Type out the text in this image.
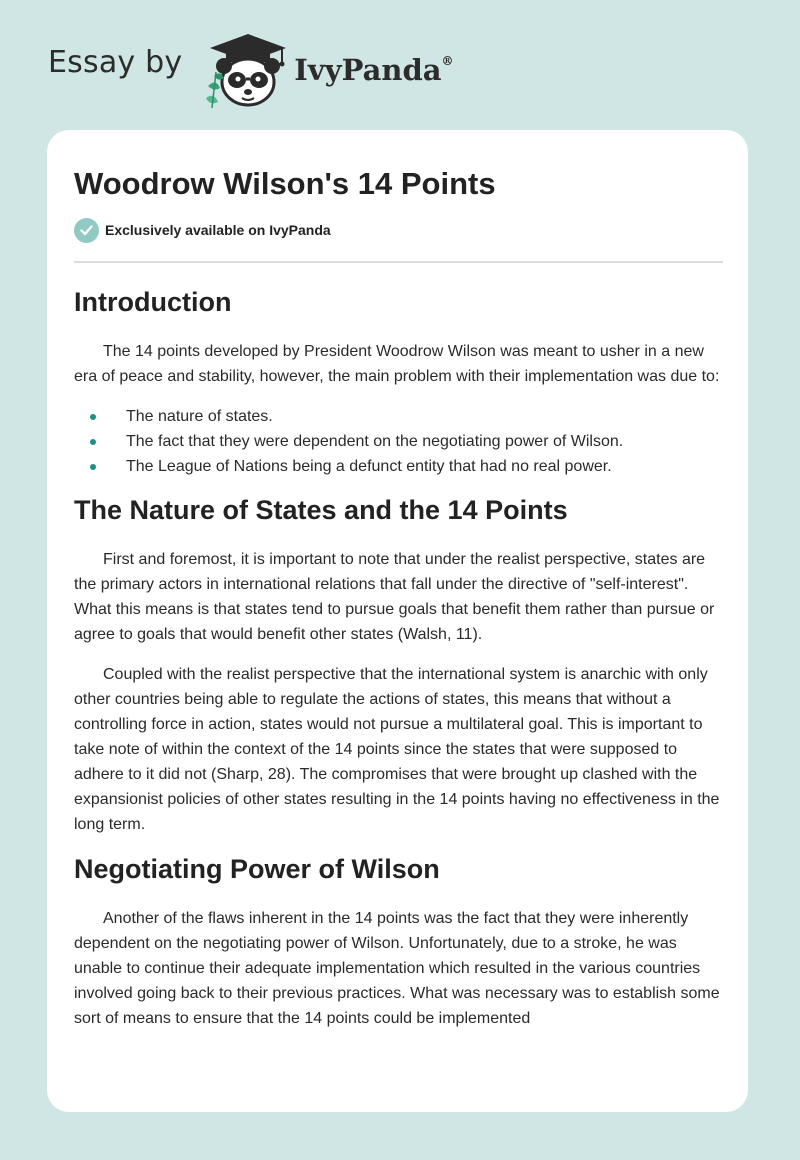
Essay by	IvyPanda®
Woodrow Wilson's 14 Points
Exclusively available on IvyPanda
Introduction

The 14 points developed by President Woodrow Wilson was meant to usher in a new era of peace and stability, however, the main problem with their implementation was due to:

The nature of states.
The fact that they were dependent on the negotiating power of Wilson.
The League of Nations being a defunct entity that had no real power.
The Nature of States and the 14 Points

First and foremost, it is important to note that under the realist perspective, states are the primary actors in international relations that fall under the directive of "self-interest". What this means is that states tend to pursue goals that benefit them rather than pursue or agree to goals that would benefit other states (Walsh, 11).

Coupled with the realist perspective that the international system is anarchic with only other countries being able to regulate the actions of states, this means that without a controlling force in action, states would not pursue a multilateral goal. This is important to take note of within the context of the 14 points since the states that were supposed to adhere to it did not (Sharp, 28). The compromises that were brought up clashed with the expansionist policies of other states resulting in the 14 points having no effectiveness in the long term.

Negotiating Power of Wilson

Another of the flaws inherent in the 14 points was the fact that they were inherently dependent on the negotiating power of Wilson. Unfortunately, due to a stroke, he was unable to continue their adequate implementation which resulted in the various countries involved going back to their previous practices. What was necessary was to establish some sort of means to ensure that the 14 points could be implemented
